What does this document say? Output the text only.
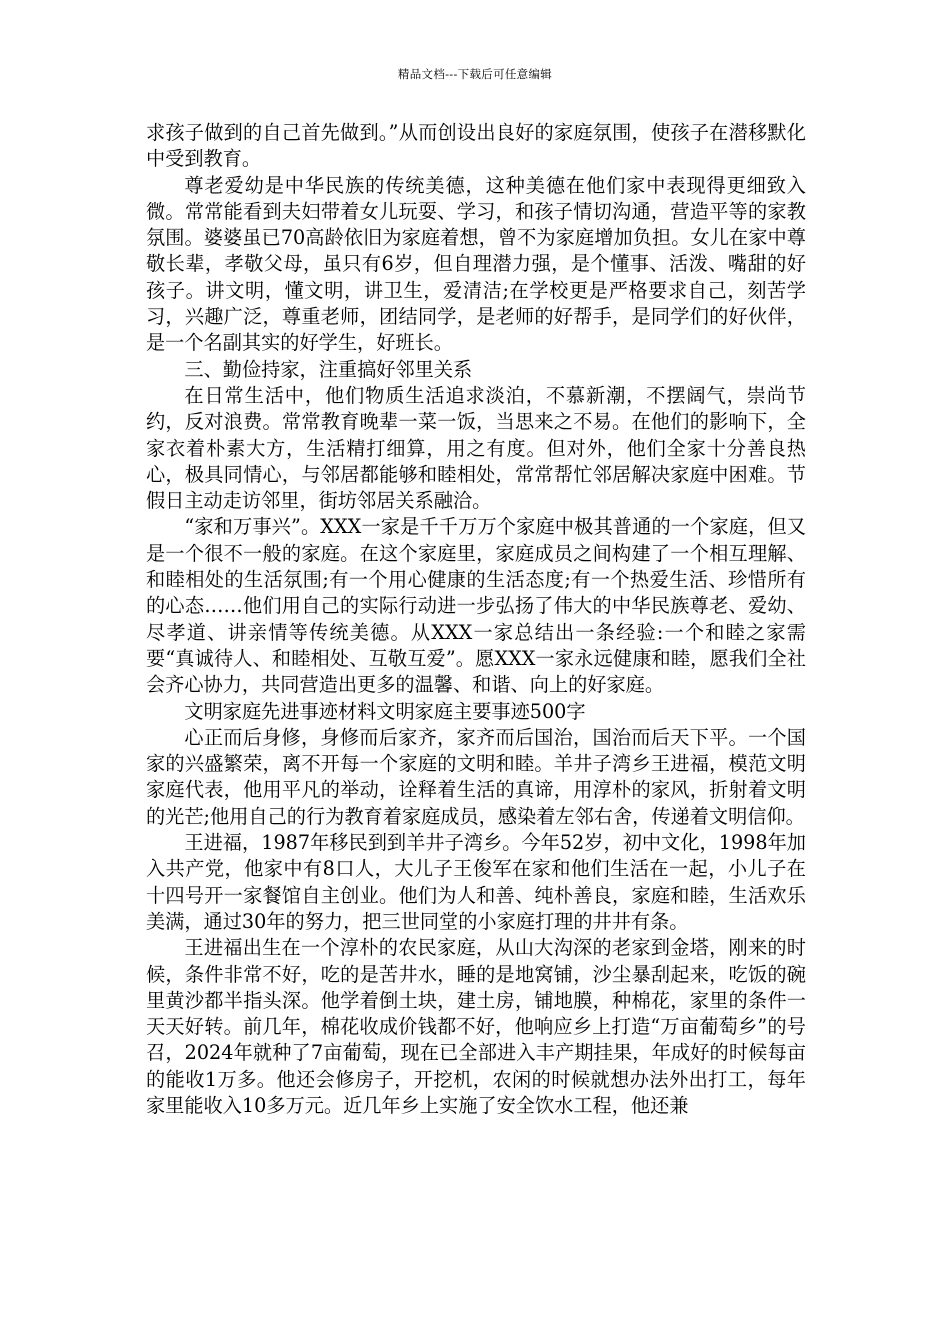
精品文档---下载后可任意编辑

求孩子做到的自己首先做到。”从而创设出良好的家庭氛围，使孩子在潜移默化中受到教育。

尊老爱幼是中华民族的传统美德，这种美德在他们家中表现得更细致入微。常常能看到夫妇带着女儿玩耍、学习，和孩子情切沟通，营造平等的家教氛围。婆婆虽已70高龄依旧为家庭着想，曾不为家庭增加负担。女儿在家中尊敬长辈，孝敬父母，虽只有6岁，但自理潜力强，是个懂事、活泼、嘴甜的好孩子。讲文明，懂文明，讲卫生，爱清洁;在学校更是严格要求自己，刻苦学习，兴趣广泛，尊重老师，团结同学，是老师的好帮手，是同学们的好伙伴，是一个名副其实的好学生，好班长。

三、勤俭持家，注重搞好邻里关系

在日常生活中，他们物质生活追求淡泊，不慕新潮，不摆阔气，崇尚节约，反对浪费。常常教育晚辈一菜一饭，当思来之不易。在他们的影响下，全家衣着朴素大方，生活精打细算，用之有度。但对外，他们全家十分善良热心，极具同情心，与邻居都能够和睦相处，常常帮忙邻居解决家庭中困难。节假日主动走访邻里，街坊邻居关系融洽。

“家和万事兴”。XXX一家是千千万万个家庭中极其普通的一个家庭，但又是一个很不一般的家庭。在这个家庭里，家庭成员之间构建了一个相互理解、和睦相处的生活氛围;有一个用心健康的生活态度;有一个热爱生活、珍惜所有的心态……他们用自己的实际行动进一步弘扬了伟大的中华民族尊老、爱幼、尽孝道、讲亲情等传统美德。从XXX一家总结出一条经验:一个和睦之家需要“真诚待人、和睦相处、互敬互爱”。愿XXX一家永远健康和睦，愿我们全社会齐心协力，共同营造出更多的温馨、和谐、向上的好家庭。

文明家庭先进事迹材料文明家庭主要事迹500字

心正而后身修，身修而后家齐，家齐而后国治，国治而后天下平。一个国家的兴盛繁荣，离不开每一个家庭的文明和睦。羊井子湾乡王进福，模范文明家庭代表，他用平凡的举动，诠释着生活的真谛，用淳朴的家风，折射着文明的光芒;他用自己的行为教育着家庭成员，感染着左邻右舍，传递着文明信仰。

王进福，1987年移民到到羊井子湾乡。今年52岁，初中文化，1998年加入共产党，他家中有8口人，大儿子王俊军在家和他们生活在一起，小儿子在十四号开一家餐馆自主创业。他们为人和善、纯朴善良，家庭和睦，生活欢乐美满，通过30年的努力，把三世同堂的小家庭打理的井井有条。

王进福出生在一个淳朴的农民家庭，从山大沟深的老家到金塔，刚来的时候，条件非常不好，吃的是苦井水，睡的是地窝铺，沙尘暴刮起来，吃饭的碗里黄沙都半指头深。他学着倒土块，建土房，铺地膜，种棉花，家里的条件一天天好转。前几年，棉花收成价钱都不好，他响应乡上打造“万亩葡萄乡”的号召，2024年就种了7亩葡萄，现在已全部进入丰产期挂果，年成好的时候每亩的能收1万多。他还会修房子，开挖机，农闲的时候就想办法外出打工，每年家里能收入10多万元。近几年乡上实施了安全饮水工程，他还兼
